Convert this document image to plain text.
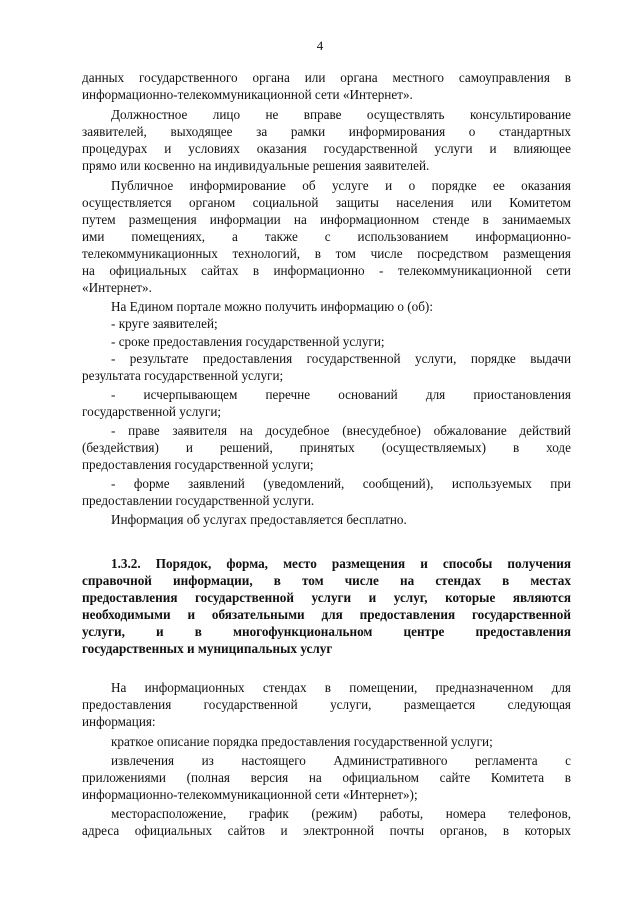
4
данных государственного органа или органа местного самоуправления в
информационно-телекоммуникационной сети «Интернет».
Должностное лицо не вправе осуществлять консультирование
заявителей, выходящее за рамки информирования о стандартных
процедурах и условиях оказания государственной услуги и влияющее
прямо или косвенно на индивидуальные решения заявителей.
Публичное информирование об услуге и о порядке ее оказания
осуществляется органом социальной защиты населения или Комитетом
путем размещения информации на информационном стенде в занимаемых
ими помещениях, а также с использованием информационно-
телекоммуникационных технологий, в том числе посредством размещения
на официальных сайтах в информационно - телекоммуникационной сети
«Интернет».
На Едином портале можно получить информацию о (об):
- круге заявителей;
- сроке предоставления государственной услуги;
- результате предоставления государственной услуги, порядке выдачи
результата государственной услуги;
- исчерпывающем перечне оснований для приостановления
государственной услуги;
- праве заявителя на досудебное (внесудебное) обжалование действий
(бездействия) и решений, принятых (осуществляемых) в ходе
предоставления государственной услуги;
- форме заявлений (уведомлений, сообщений), используемых при
предоставлении государственной услуги.
Информация об услугах предоставляется бесплатно.
1.3.2. Порядок, форма, место размещения и способы получения
справочной информации, в том числе на стендах в местах
предоставления государственной услуги и услуг, которые являются
необходимыми и обязательными для предоставления государственной
услуги, и в многофункциональном центре предоставления
государственных и муниципальных услуг
На информационных стендах в помещении, предназначенном для
предоставления государственной услуги, размещается следующая
информация:
краткое описание порядка предоставления государственной услуги;
извлечения из настоящего Административного регламента с
приложениями (полная версия на официальном сайте Комитета в
информационно-телекоммуникационной сети «Интернет»);
месторасположение, график (режим) работы, номера телефонов,
адреса официальных сайтов и электронной почты органов, в которых
